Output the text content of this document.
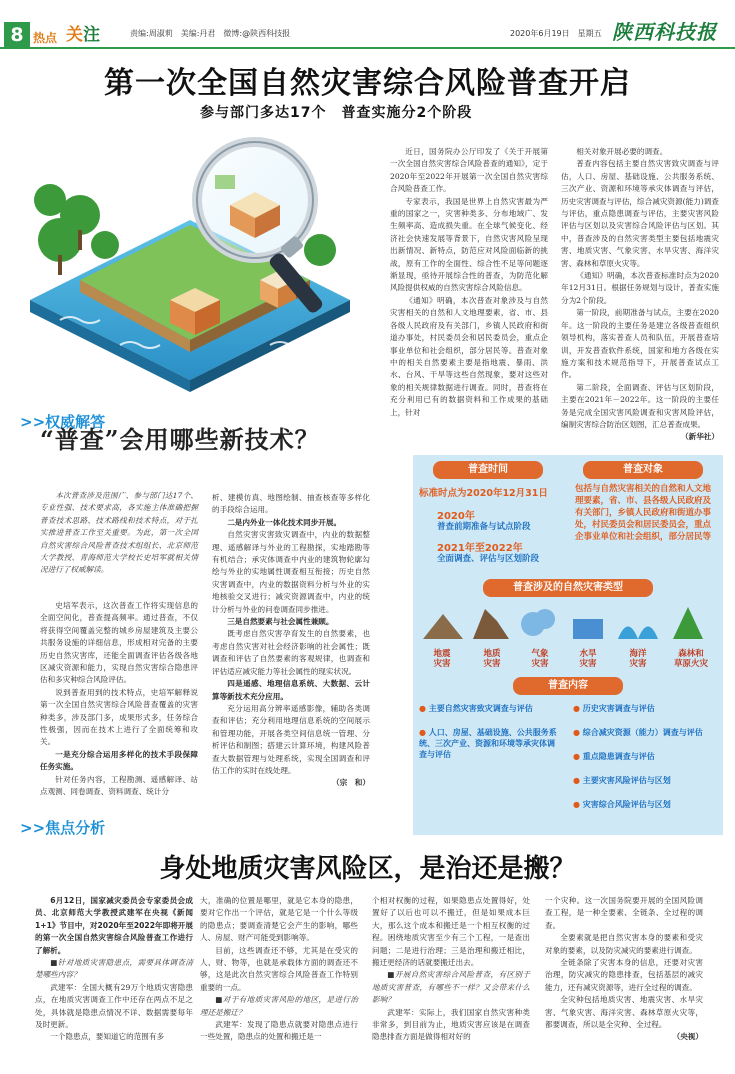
8 热点 关注	责编:周淑莉　美编:丹君　微博:@陕西科技报	2020年6月19日　星期五 陕西科技报
第一次全国自然灾害综合风险普查开启
参与部门多达17个　普查实施分2个阶段

近日，国务院办公厅印发了《关于开展第一次全国自然灾害综合风险普查的通知》，定于2020年至2022年开展第一次全国自然灾害综合风险普查工作。

专家表示，我国是世界上自然灾害最为严重的国家之一，灾害种类多、分布地域广、发生频率高、造成损失重。在全球气候变化、经济社会快速发展等背景下，自然灾害风险呈现出新情况、新特点，防范应对风险面临新的挑战，原有工作的全面性、综合性不足等问题逐渐显现，亟待开展综合性的普查，为防范化解风险提供权威的自然灾害综合风险信息。

《通知》明确，本次普查对象涉及与自然灾害相关的自然和人文地理要素，省、市、县各级人民政府及有关部门，乡镇人民政府和街道办事处，村民委员会和居民委员会，重点企事业单位和社会组织，部分居民等。普查对象中的相关自然要素主要是指地震、暴雨、洪水、台风、干旱等这些自然现象，要对这些对象的相关规律数据进行调查。同时，普查将在充分利用已有的数据资料和工作成果的基础上，针对

相关对象开展必要的调查。

普查内容包括主要自然灾害致灾调查与评估，人口、房屋、基础设施、公共服务系统、三次产业、资源和环境等承灾体调查与评估，历史灾害调查与评估，综合减灾资源(能力)调查与评估，重点隐患调查与评估，主要灾害风险评估与区划以及灾害综合风险评估与区划。其中，普查涉及的自然灾害类型主要包括地震灾害、地质灾害、气象灾害、水旱灾害、海洋灾害、森林和草原火灾等。

《通知》明确，本次普查标准时点为2020年12月31日。根据任务规划与设计，普查实施分为2个阶段。

第一阶段，前期准备与试点，主要在2020年。这一阶段的主要任务是建立各级普查组织领导机构，落实普查人员和队伍，开展普查培训，开发普查软件系统，国家和地方各级在实施方案和技术规范指导下，开展普查试点工作。

第二阶段，全面调查、评估与区划阶段，主要在2021年－2022年。这一阶段的主要任务是完成全国灾害风险调查和灾害风险评估，编制灾害综合防治区划图，汇总普查成果。

（新华社）
>>权威解答
“普查”会用哪些新技术？

本次普查涉及范围广、参与部门达17个、专业性强、技术要求高，各实施主体准确把握普查技术思路、技术路线和技术特点，对于扎实推进普查工作至关重要。为此，第一次全国自然灾害综合风险普查技术组组长、北京师范大学教授、青海师范大学校长史培军就相关情况进行了权威解读。

史培军表示，这次普查工作将实现信息的全面空间化，普查提高频率。通过普查，不仅将获得空间覆盖完整的城乡房屋建筑及主要公共服务设施的详细信息，形成相对完备的主要历史自然灾害库，还能全面调查评估各级各地区减灾资源和能力，实现自然灾害综合隐患评估和多灾种综合风险评估。

说到普查用到的技术特点，史培军解释说第一次全国自然灾害综合风险普查覆盖的灾害种类多，涉及部门多，成果形式多，任务综合性极强，因而在技术上进行了全面统筹和攻关。

一是充分综合运用多样化的技术手段保障任务实施。

针对任务内容，工程勘测、遥感解译、站点观测、同卷调查、资料调查、统计分

析、建模仿真、地图绘制、抽查核查等多样化的手段综合运用。

二是内外业一体化技术同步开展。

自然灾害灾害致灾调查中，内业的数据整理、遥感解译与外业的工程勘探，实地踏勘等有机结合；承灾体调查中内业的建筑物轮廓勾绘与外业的实地属性调查相互衔接；历史自然灾害调查中，内业的数据资料分析与外业的实地核验交叉进行；减灾资源调查中，内业的统计分析与外业的问卷调查同步推进。

三是自然要素与社会属性兼顾。

既考虑自然灾害孕育发生的自然要素，也考虑自然灾害对社会经济影响的社会属性；既调查和评估了自然要素的客观规律，也调查和评估适应减灾能力等社会属性的现实状况。

四是遥感、地理信息系统、大数据、云计算等新技术充分应用。

充分运用高分辨率遥感影像，辅助各类调查和评估；充分利用地理信息系统的空间展示和管理功能，开展各类空间信息统一管理、分析评估和制图；搭建云计算环境，构建风险普查大数据管理与处理系统，实现全国调查和评估工作的实时在线处理。

（宗　和）
普查时间	普查对象
标准时点为2020年12月31日
2020年
普查前期准备与试点阶段
2021年至2022年
全面调查、评估与区划阶段
包括与自然灾害相关的自然和人文地理要素，省、市、县各级人民政府及有关部门，乡镇人民政府和街道办事处，村民委员会和居民委员会，重点企事业单位和社会组织，部分居民等
普查涉及的自然灾害类型
地震
灾害
地质
灾害
气象
灾害
水旱
灾害
海洋
灾害
森林和
草原火灾
普查内容
● 主要自然灾害致灾调查与评估
● 人口、房屋、基础设施、公共服务系统、三次产业、资源和环境等承灾体调查与评估
● 历史灾害调查与评估
● 综合减灾资源（能力）调查与评估
● 重点隐患调查与评估
● 主要灾害风险评估与区划
● 灾害综合风险评估与区划
>>焦点分析
身处地质灾害风险区，是治还是搬？

6月12日，国家减灾委员会专家委员会成员、北京师范大学教授武建军在央视《新闻1+1》节目中，对2020年至2022年即将开展的第一次全国自然灾害综合风险普查工作进行了解析。

■针对地质灾害隐患点，需要具体调查清楚哪些内容？

武建军：全国大概有29万个地质灾害隐患点，在地质灾害调查工作中还存在两点不足之处，具体就是隐患点情况不详、数据需要每年及时更新。

一个隐患点，要知道它的范围有多

大，准确的位置是哪里，就是它本身的隐患，要对它作出一个评估，就是它是一个什么等级的隐患点；要调查清楚它会产生的影响，哪些人、房屋、财产可能受到影响等。

目前，这些调查还不够，尤其是在受灾的人、财、物等，也就是承载体方面的调查还不够，这是此次自然灾害综合风险普查工作特别重要的一点。

■对于有地质灾害风险的地区，是进行治理还是搬迁？

武建军：发现了隐患点就要对隐患点进行一些处置，隐患点的处置和搬迁是一

个相对权衡的过程，如果隐患点处置得好，处置好了以后也可以不搬迁，但是如果成本巨大，那么这个成本和搬迁是一个相互权衡的过程。困绕地质灾害至少有三个工程，一是查出问题；二是进行治理；三是治理和搬迁相比，搬迁更经济的话就要搬迁出去。

■开展自然灾害综合风险普查，有区别于地质灾害普查，有哪些不一样？又会带来什么影响？

武建军：实际上，我们国家自然灾害种类非常多，到目前为止，地质灾害应该是在调查隐患排查方面是做得相对好的

一个灾种。这一次国务院要开展的全国风险调查工程，是一种全要素、全链条、全过程的调查。

全要素就是把自然灾害本身的要素和受灾对象的要素，以及防灾减灾的要素进行调查。

全链条除了灾害本身的信息，还要对灾害治理，防灾减灾的隐患排查，包括基层的减灾能力，还有减灾资源等，进行全过程的调查。

全灾种包括地质灾害、地震灾害、水旱灾害、气象灾害、海洋灾害、森林草原火灾等，都要调查，所以是全灾种、全过程。

（央视）
